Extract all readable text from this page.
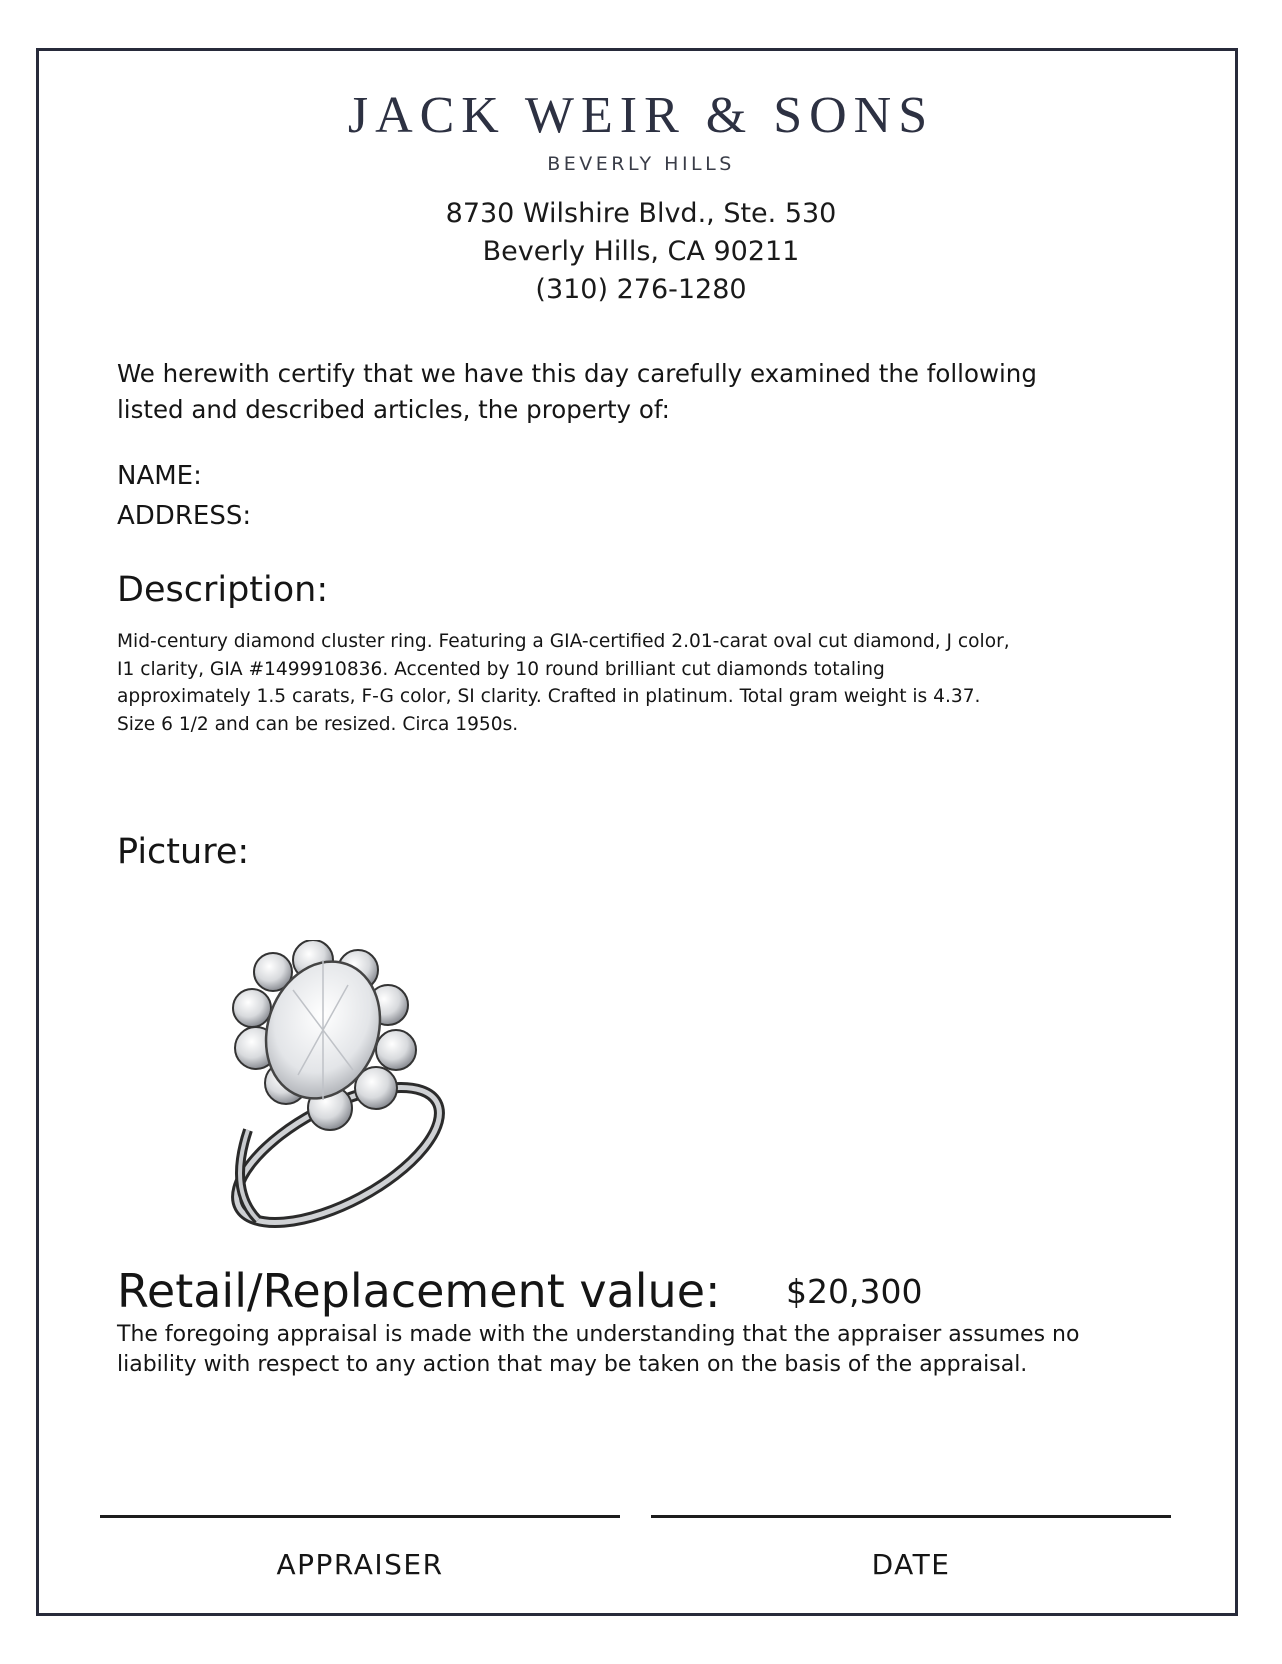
JACK WEIR & SONS
BEVERLY HILLS
8730 Wilshire Blvd., Ste. 530
Beverly Hills, CA 90211
(310) 276-1280
We herewith certify that we have this day carefully examined the following
listed and described articles, the property of:
NAME:
ADDRESS:
Description:
Mid-century diamond cluster ring. Featuring a GIA-certified 2.01-carat oval cut diamond, J color,
I1 clarity, GIA #1499910836. Accented by 10 round brilliant cut diamonds totaling
approximately 1.5 carats, F-G color, SI clarity. Crafted in platinum. Total gram weight is 4.37.
Size 6 1/2 and can be resized. Circa 1950s.
Picture:
Retail/Replacement value: $20,300
The foregoing appraisal is made with the understanding that the appraiser assumes no
liability with respect to any action that may be taken on the basis of the appraisal.
APPRAISER	DATE
